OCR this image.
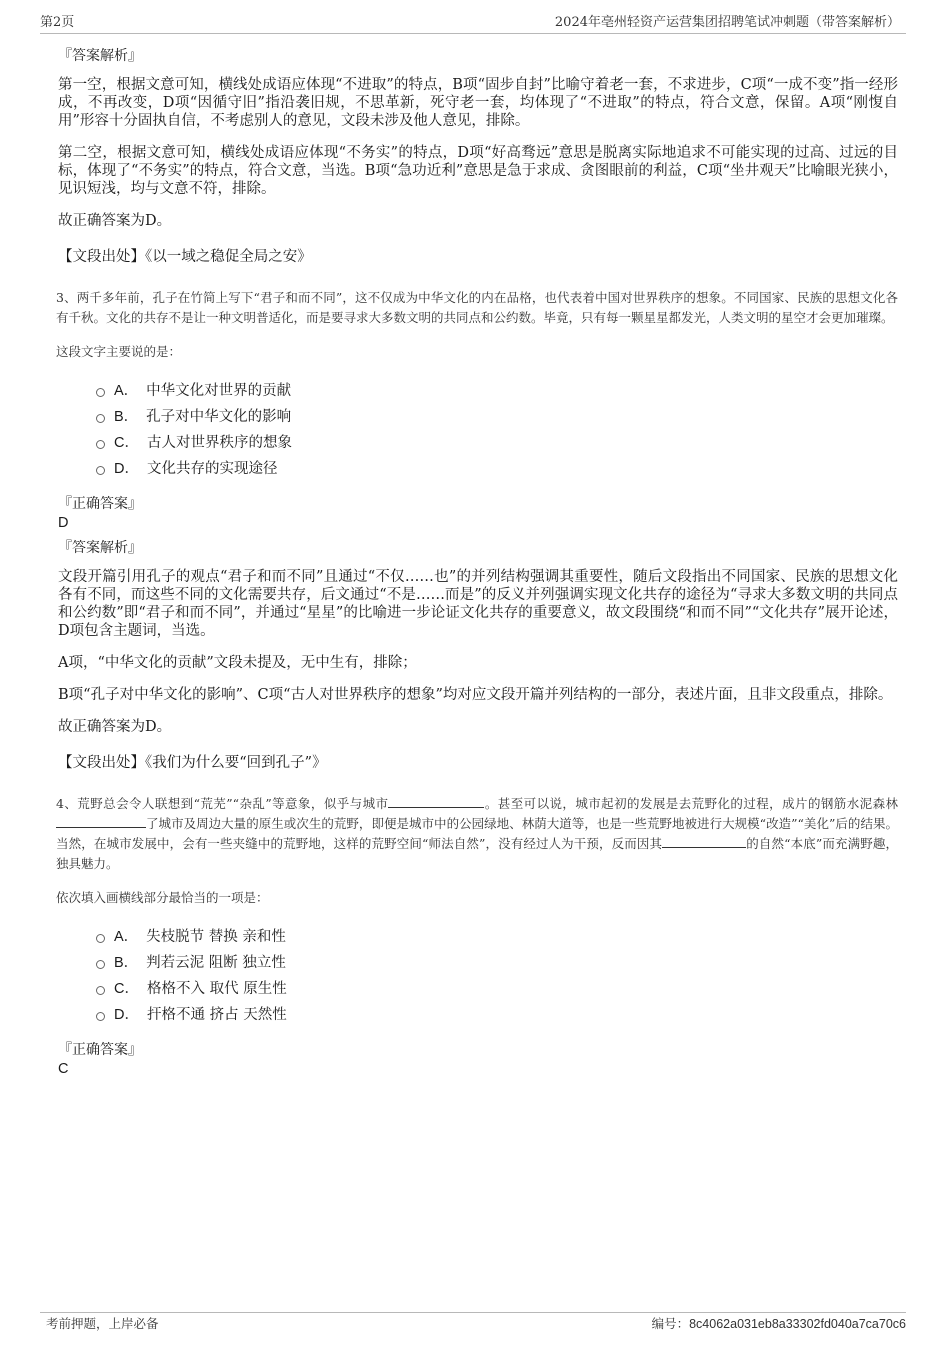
第2页	2024年亳州轻资产运营集团招聘笔试冲刺题（带答案解析）
『答案解析』

第一空，根据文意可知，横线处成语应体现“不进取”的特点，B项“固步自封”比喻守着老一套，不求进步，C项“一成不变”指一经形成，不再改变，D项“因循守旧”指沿袭旧规，不思革新，死守老一套，均体现了“不进取”的特点，符合文意，保留。A项“刚愎自用”形容十分固执自信，不考虑别人的意见，文段未涉及他人意见，排除。

第二空，根据文意可知，横线处成语应体现“不务实”的特点，D项“好高骛远”意思是脱离实际地追求不可能实现的过高、过远的目标，体现了“不务实”的特点，符合文意，当选。B项“急功近利”意思是急于求成、贪图眼前的利益，C项“坐井观天”比喻眼光狭小，见识短浅，均与文意不符，排除。

故正确答案为D。

【文段出处】《以一域之稳促全局之安》

3、两千多年前，孔子在竹简上写下“君子和而不同”，这不仅成为中华文化的内在品格，也代表着中国对世界秩序的想象。不同国家、民族的思想文化各有千秋。文化的共存不是让一种文明普适化，而是要寻求大多数文明的共同点和公约数。毕竟，只有每一颗星星都发光，人类文明的星空才会更加璀璨。

这段文字主要说的是：

A． 中华文化对世界的贡献
B． 孔子对中华文化的影响
C． 古人对世界秩序的想象
D． 文化共存的实现途径
『正确答案』
D
『答案解析』

文段开篇引用孔子的观点“君子和而不同”且通过“不仅……也”的并列结构强调其重要性，随后文段指出不同国家、民族的思想文化各有不同，而这些不同的文化需要共存，后文通过“不是……而是”的反义并列强调实现文化共存的途径为“寻求大多数文明的共同点和公约数”即“君子和而不同”，并通过“星星”的比喻进一步论证文化共存的重要意义，故文段围绕“和而不同”“文化共存”展开论述，D项包含主题词，当选。

A项，“中华文化的贡献”文段未提及，无中生有，排除；

B项“孔子对中华文化的影响”、C项“古人对世界秩序的想象”均对应文段开篇并列结构的一部分，表述片面，且非文段重点，排除。

故正确答案为D。

【文段出处】《我们为什么要“回到孔子”》

4、荒野总会令人联想到“荒芜”“杂乱”等意象，似乎与城市	。甚至可以说，城市起初的发展是去荒野化的过程，成片的钢筋水泥森林了城市及周边大量的原生或次生的荒野，即便是城市中的公园绿地、林荫大道等，也是一些荒野地被进行大规模“改造”“美化”后的结果。当然，在城市发展中，会有一些夹缝中的荒野地，这样的荒野空间“师法自然”，没有经过人为干预，反而因其	的自然“本底”而充满野趣，独具魅力。

依次填入画横线部分最恰当的一项是：

A． 失枝脱节 替换 亲和性
B． 判若云泥 阻断 独立性
C． 格格不入 取代 原生性
D． 扞格不通 挤占 天然性
『正确答案』
C
考前押题，上岸必备	编号：8c4062a031eb8a33302fd040a7ca70c6
